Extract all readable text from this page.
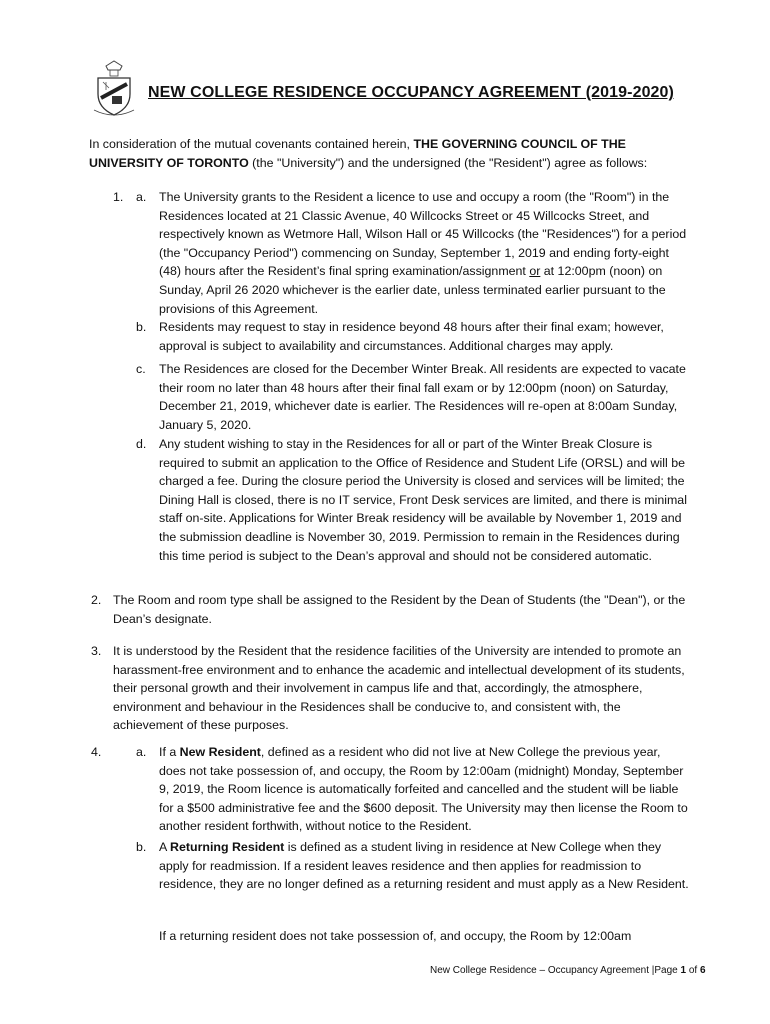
NEW COLLEGE RESIDENCE OCCUPANCY AGREEMENT (2019-2020)
In consideration of the mutual covenants contained herein, THE GOVERNING COUNCIL OF THE UNIVERSITY OF TORONTO (the "University") and the undersigned (the "Resident") agree as follows:
1. a. The University grants to the Resident a licence to use and occupy a room (the "Room") in the Residences located at 21 Classic Avenue, 40 Willcocks Street or 45 Willcocks Street, and respectively known as Wetmore Hall, Wilson Hall or 45 Willcocks (the "Residences") for a period (the "Occupancy Period") commencing on Sunday, September 1, 2019 and ending forty-eight (48) hours after the Resident’s final spring examination/assignment or at 12:00pm (noon) on Sunday, April 26 2020 whichever is the earlier date, unless terminated earlier pursuant to the provisions of this Agreement.
b. Residents may request to stay in residence beyond 48 hours after their final exam; however, approval is subject to availability and circumstances. Additional charges may apply.
c. The Residences are closed for the December Winter Break. All residents are expected to vacate their room no later than 48 hours after their final fall exam or by 12:00pm (noon) on Saturday, December 21, 2019, whichever date is earlier. The Residences will re-open at 8:00am Sunday, January 5, 2020.
d. Any student wishing to stay in the Residences for all or part of the Winter Break Closure is required to submit an application to the Office of Residence and Student Life (ORSL) and will be charged a fee. During the closure period the University is closed and services will be limited; the Dining Hall is closed, there is no IT service, Front Desk services are limited, and there is minimal staff on-site. Applications for Winter Break residency will be available by November 1, 2019 and the submission deadline is November 30, 2019. Permission to remain in the Residences during this time period is subject to the Dean’s approval and should not be considered automatic.
2. The Room and room type shall be assigned to the Resident by the Dean of Students (the "Dean"), or the Dean’s designate.
3. It is understood by the Resident that the residence facilities of the University are intended to promote an harassment-free environment and to enhance the academic and intellectual development of its students, their personal growth and their involvement in campus life and that, accordingly, the atmosphere, environment and behaviour in the Residences shall be conducive to, and consistent with, the achievement of these purposes.
4.	a. If a New Resident, defined as a resident who did not live at New College the previous year, does not take possession of, and occupy, the Room by 12:00am (midnight) Monday, September 9, 2019, the Room licence is automatically forfeited and cancelled and the student will be liable for a $500 administrative fee and the $600 deposit. The University may then license the Room to another resident forthwith, without notice to the Resident.
b. A Returning Resident is defined as a student living in residence at New College when they apply for readmission. If a resident leaves residence and then applies for readmission to residence, they are no longer defined as a returning resident and must apply as a New Resident.
If a returning resident does not take possession of, and occupy, the Room by 12:00am
New College Residence – Occupancy Agreement |Page 1 of 6
